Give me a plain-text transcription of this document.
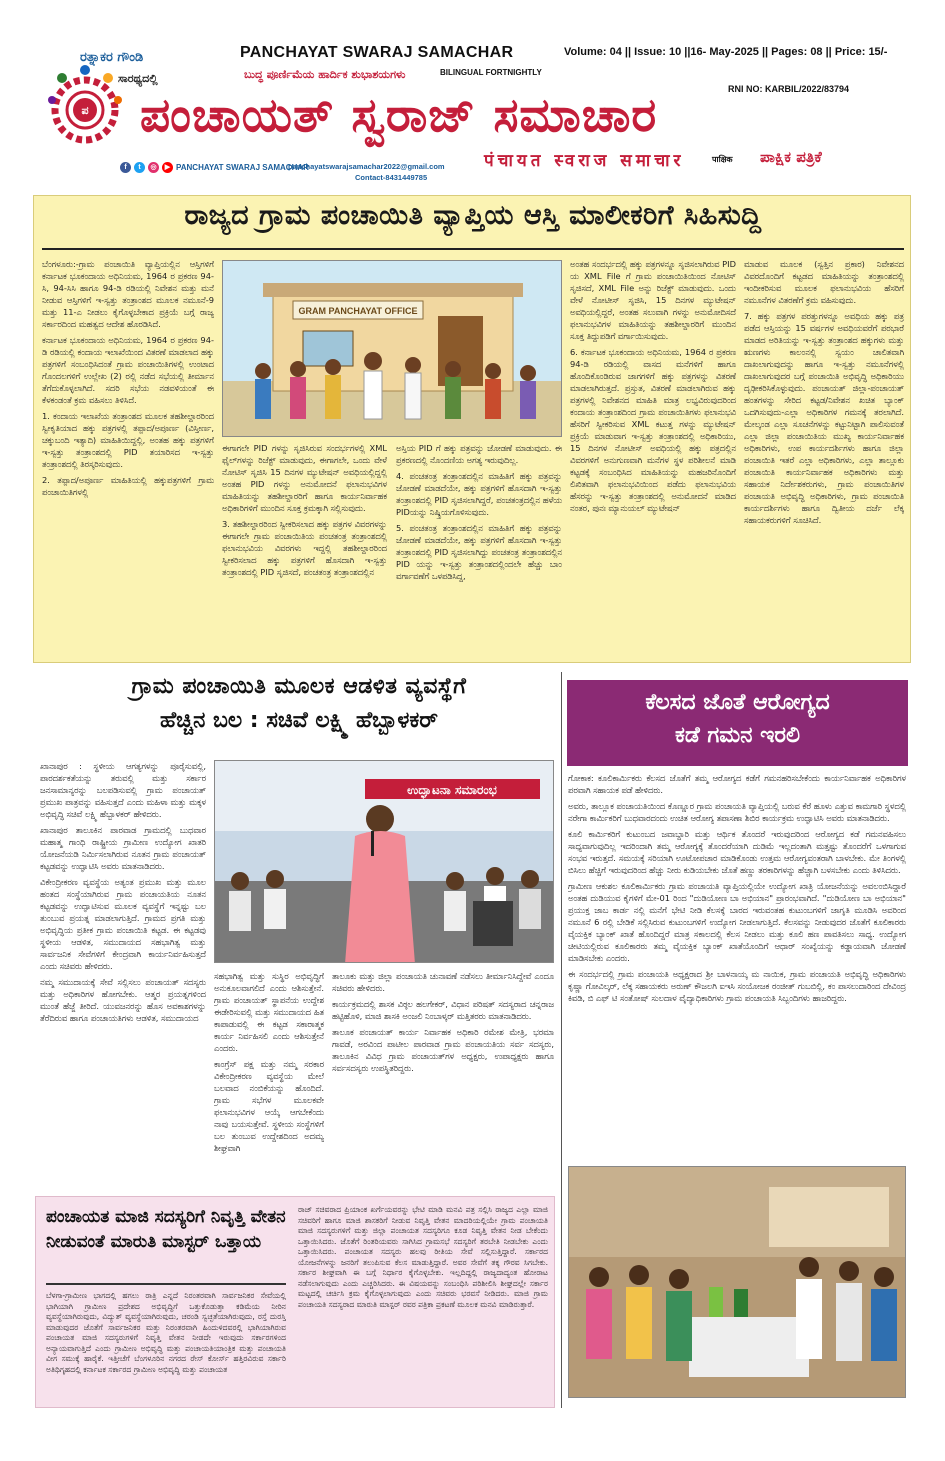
ಪ
ರತ್ನಾಕರ ಗೌಂಡಿ
ಸಾರಥ್ಯದಲ್ಲಿ
PANCHAYAT SWARAJ SAMACHAR	Volume: 04 || Issue: 10 ||16- May-2025 || Pages: 08 || Price: 15/-
ಬುದ್ಧ ಪೂರ್ಣಿಮೆಯ ಹಾರ್ದಿಕ ಶುಭಾಶಯಗಳು	BILINGUAL FORTNIGHTLY
RNI NO: KARBIL/2022/83794
ಪಂಚಾಯತ್ ಸ್ವರಾಜ್ ಸಮಾಚಾರ
पंचायत स्वराज समाचार	पाक्षिक ಪಾಕ್ಷಿಕ ಪತ್ರಿಕೆ
f	t	◎	▶ PANCHAYAT SWARAJ SAMACHAR
panchayatswarajsamachar2022@gmail.com
Contact-8431449785
ರಾಜ್ಯದ ಗ್ರಾಮ ಪಂಚಾಯಿತಿ ವ್ಯಾಪ್ತಿಯ ಆಸ್ತಿ ಮಾಲೀಕರಿಗೆ ಸಿಹಿಸುದ್ದಿ

ಬೆಂಗಳೂರು:-ಗ್ರಾಮ ಪಂಚಾಯಿತಿ ವ್ಯಾಪ್ತಿಯಲ್ಲಿನ ಆಸ್ತಿಗಳಿಗೆ ಕರ್ನಾಟಕ ಭೂಕಂದಾಯ ಅಧಿನಿಯಮ, 1964 ರ ಪ್ರಕರಣ 94-ಸಿ, 94-ಸಿಸಿ ಹಾಗೂ 94-ಡಿ ರಡಿಯಲ್ಲಿ ನಿವೇಶನ ಮತ್ತು ಮನೆ ನೀಡುವ ಆಸ್ತಿಗಳಿಗೆ ಇ-ಸ್ವತ್ತು ತಂತ್ರಾಂಶದ ಮೂಲಕ ನಮೂನೆ-9 ಮತ್ತು 11-ಎ ನೀಡಲು ಕೈಗೊಳ್ಳಬೇಕಾದ ಪ್ರಕ್ರಿಯೆ ಬಗ್ಗೆ ರಾಜ್ಯ ಸರ್ಕಾರದಿಂದ ಮಹತ್ವದ ಆದೇಶ ಹೊರಡಿಸಿದೆ.

ಕರ್ನಾಟಕ ಭೂಕಂದಾಯ ಅಧಿನಿಯಮ, 1964 ರ ಪ್ರಕರಣ 94-ಡಿ ರಡಿಯಲ್ಲಿ ಕಂದಾಯ ಇಲಾಖೆಯಿಂದ ವಿತರಣೆ ಮಾಡಲಾದ ಹಕ್ಕು ಪತ್ರಗಳಿಗೆ ಸಂಬಂಧಿಸಿದಂತೆ ಗ್ರಾಮ ಪಂಚಾಯಿತಿಗಳಲ್ಲಿ ಉಂಟಾದ ಗೊಂದಲಗಳಿಗೆ ಉಲ್ಲೇಖ (2) ರಲ್ಲಿ ನಡೆದ ಸಭೆಯಲ್ಲಿ ತೀರ್ಮಾನ ತೆಗೆದುಕೊಳ್ಳಲಾಗಿದೆ. ಸದರಿ ಸಭೆಯ ನಡವಳಿಯಂತೆ ಈ ಕೆಳಕಂಡಂತೆ ಕ್ರಮ ವಹಿಸಲು ತಿಳಿಸಿದೆ.

1. ಕಂದಾಯ ಇಲಾಖೆಯ ತಂತ್ರಾಂಶದ ಮೂಲಕ ತಹಶೀಲ್ದಾರರಿಂದ ಸ್ವೀಕೃತಿಯಾದ ಹಕ್ಕು ಪತ್ರಗಳಲ್ಲಿ ತಪ್ಪಾದ/ಅಪೂರ್ಣ (ವಿಸ್ತೀರ್ಣ, ಚಕ್ಕುಬಂದಿ ಇತ್ಯಾದಿ) ಮಾಹಿತಿಯಿದ್ದಲ್ಲಿ, ಅಂತಹ ಹಕ್ಕು ಪತ್ರಗಳಿಗೆ ಇ-ಸ್ವತ್ತು ತಂತ್ರಾಂಶದಲ್ಲಿ PID ತಯಾರಿಸದ ಇ-ಸ್ವತ್ತು ತಂತ್ರಾಂಶದಲ್ಲಿ ತಿರಸ್ಕರಿಸುವುದು.

2. ತಪ್ಪಾದ/ಅಪೂರ್ಣ ಮಾಹಿತಿಯಲ್ಲಿ ಹಕ್ಕುಪತ್ರಗಳಿಗೆ ಗ್ರಾಮ ಪಂಚಾಯಿತಿಗಳಲ್ಲಿ

GRAM PANCHAYAT OFFICE

ಈಗಾಗಲೇ PID ಗಳನ್ನು ಸೃಜಿಸಿರುವ ಸಂದರ್ಭಗಳಲ್ಲಿ XML ಫೈಲ್‌ಗಳನ್ನು ರಿಜೆಕ್ಟ್ ಮಾಡುವುದು, ಈಗಾಗಲೇ, ಒಂದು ವೇಳೆ ನೋಟಿಸ್ ಸೃಜಿಸಿ 15 ದಿನಗಳ ಮ್ಯುಟೇಷನ್ ಅವಧಿಯಲ್ಲಿದ್ದಲ್ಲಿ ಅಂತಹ PID ಗಳನ್ನು ಅನುಮೋದನೆ ಫಲಾನುಭವಿಗಳ ಮಾಹಿತಿಯನ್ನು ತಹಶೀಲ್ದಾರರಿಗೆ ಹಾಗೂ ಕಾರ್ಯನಿರ್ವಾಹಕ ಅಧಿಕಾರಿಗಳಿಗೆ ಮುಂದಿನ ಸೂಕ್ತ ಕ್ರಮಕ್ಕಾಗಿ ಸಲ್ಲಿಸುವುದು.

3. ತಹಶೀಲ್ದಾರರಿಂದ ಸ್ವೀಕರಿಸಲಾದ ಹಕ್ಕು ಪತ್ರಗಳ ವಿವರಗಳನ್ನು ಈಗಾಗಲೇ ಗ್ರಾಮ ಪಂಚಾಯಿತಿಯ ಪಂಚತಂತ್ರ ತಂತ್ರಾಂಶದಲ್ಲಿ ಫಲಾನುಭವಿಯ ವಿವರಗಳು ಇದ್ದಲ್ಲಿ ತಹಶೀಲ್ದಾರರಿಂದ ಸ್ವೀಕರಿಸಲಾದ ಹಕ್ಕು ಪತ್ರಗಳಿಗೆ ಹೊಸದಾಗಿ ಇ-ಸ್ವತ್ತು ತಂತ್ರಾಂಶದಲ್ಲಿ PID ಸೃಜಿಸದೆ, ಪಂಚತಂತ್ರ ತಂತ್ರಾಂಶದಲ್ಲಿನ

ಅಸ್ತಿಯ PID ಗೆ ಹಕ್ಕು ಪತ್ರವನ್ನು ಜೋಡಣೆ ಮಾಡುವುದು. ಈ ಪ್ರಕರಣದಲ್ಲಿ ನೊಂದಣಿಯ ಅಗತ್ಯ ಇರುವುದಿಲ್ಲ.

4. ಪಂಚತಂತ್ರ ತಂತ್ರಾಂಶದಲ್ಲಿನ ಮಾಹಿತಿಗೆ ಹಕ್ಕು ಪತ್ರವನ್ನು ಜೋಡಣೆ ಮಾಡದೆಯೇ, ಹಕ್ಕು ಪತ್ರಗಳಿಗೆ ಹೊಸದಾಗಿ ಇ-ಸ್ವತ್ತು ತಂತ್ರಾಂಶದಲ್ಲಿ PID ಸೃಜಿಸಲಾಗಿದ್ದರೆ, ಪಂಚತಂತ್ರದಲ್ಲಿನ ಹಳೆಯ PIDಯನ್ನು ನಿಷ್ಕ್ರಿಯಗೊಳಿಸುವುದು.

5. ಪಂಚತಂತ್ರ ತಂತ್ರಾಂಶದಲ್ಲಿನ ಮಾಹಿತಿಗೆ ಹಕ್ಕು ಪತ್ರವನ್ನು ಜೋಡಣೆ ಮಾಡದೆಯೇ, ಹಕ್ಕು ಪತ್ರಗಳಿಗೆ ಹೊಸದಾಗಿ ಇ-ಸ್ವತ್ತು ತಂತ್ರಾಂಶದಲ್ಲಿ PID ಸೃಜಿಸಲಾಗಿದ್ದು ಪಂಚತಂತ್ರ ತಂತ್ರಾಂಶದಲ್ಲಿನ PID ಯನ್ನು ಇ-ಸ್ವತ್ತು ತಂತ್ರಾಂಶದಲ್ಲಿಂದಲೇ ಹೆಚ್ಚು ಬಾಂ ವರ್ಗಾವಣೆಗೆ ಒಳಪಡಿಸಿದ್ದ,

ಅಂತಹ ಸಂದರ್ಭದಲ್ಲಿ ಹಕ್ಕು ಪತ್ರಗಳನ್ನೂ ಸೃಜಿಸಲಾಗಿರುವ PID ಯ XML File ಗೆ ಗ್ರಾಮ ಪಂಚಾಯಿತಿಯಿಂದ ನೋಟಿಸ್ ಸೃಜಿಸದೆ, XML File ಅನ್ನು ರಿಜೆಕ್ಟ್ ಮಾಡುವುದು. ಒಂದು ವೇಳೆ ನೋಟೀಸ್ ಸೃಜಿಸಿ, 15 ದಿನಗಳ ಮ್ಯುಟೇಷನ್ ಅವಧಿಯಲ್ಲಿದ್ದರೆ, ಅಂತಹ ಸಲುವಾಗಿ ಗಳನ್ನು ಅನುಮೋದಿಸದೆ ಫಲಾನುಭವಿಗಳ ಮಾಹಿತಿಯನ್ನು ತಹಶೀಲ್ದಾರರಿಗೆ ಮುಂದಿನ ಸೂಕ್ತ ತಿದ್ದುಪಡಿಗೆ ವರ್ಗಾಯಿಸುವುದು.

6. ಕರ್ನಾಟಕ ಭೂಕಂದಾಯ ಅಧಿನಿಯಮ, 1964 ರ ಪ್ರಕರಣ 94-ಡಿ ರಡಿಯಲ್ಲಿ ವಾಸದ ಮನೆಗಳಿಗೆ ಹಾಗೂ ಹೊಂದಿಕೊಂಡಿರುವ ಜಾಗಗಳಿಗೆ ಹಕ್ಕು ಪತ್ರಗಳನ್ನು ವಿತರಣೆ ಮಾಡಲಾಗಿರುತ್ತದೆ. ಪ್ರಸ್ತುತ, ವಿತರಣೆ ಮಾಡಲಾಗಿರುವ ಹಕ್ಕು ಪತ್ರಗಳಲ್ಲಿ ನಿವೇಶನದ ಮಾಹಿತಿ ಮಾತ್ರ ಲಭ್ಯವಿರುವುದರಿಂದ ಕಂದಾಯ ತಂತ್ರಾಂಶದಿಂದ ಗ್ರಾಮ ಪಂಚಾಯಿತಿಗಳು ಫಲಾನುಭವಿ ಹೆಸರಿಗೆ ಸ್ವೀಕರಿಸುವ XML ಕಟುತ್ತ ಗಳನ್ನು ಮ್ಯುಟೇಷನ್ ಪ್ರಕ್ರಿಯೆ ಮಾಡುವಾಗ ಇ-ಸ್ವತ್ತು ತಂತ್ರಾಂಶದಲ್ಲಿ ಅಧಿಕಾರಿಯು, 15 ದಿನಗಳ ನೋಟೀಸ್ ಅವಧಿಯಲ್ಲಿ ಹಕ್ಕು ಪತ್ರದಲ್ಲಿನ ವಿವರಗಳಿಗೆ ಅನುಗುಣವಾಗಿ ಮನೆಗಳ ಸ್ಥಳ ಪರಿಶೀಲನೆ ಮಾಡಿ ಕಟ್ಟಡಕ್ಕೆ ಸಂಬಂಧಿಸಿದ ಮಾಹಿತಿಯನ್ನು ಮಹಜರಿನೊಂದಿಗೆ ಲಿಖಿತವಾಗಿ ಫಲಾನುಭವಿಯಿಂದ ಪಡೆದು ಫಲಾನುಭವಿಯ ಹೆಸರನ್ನು ಇ-ಸ್ವತ್ತು ತಂತ್ರಾಂಶದಲ್ಲಿ ಅನುಮೋದನೆ ಮಾಡಿದ ನಂತರ, ಪುನಃ ಮ್ಯಾನುಯಲ್ ಮ್ಯುಟೇಷನ್

ಮಾಡುವ ಮೂಲಕ (ಸ್ವತ್ತಿನ ಪ್ರಕಾರ) ನಿವೇಶನದ ವಿವರದೊಂದಿಗೆ ಕಟ್ಟಡದ ಮಾಹಿತಿಯನ್ನು ತಂತ್ರಾಂಶದಲ್ಲಿ ಇಂದೀಕರಿಸುವ ಮೂಲಕ ಫಲಾನುಭವಿಯ ಹೆಸರಿಗೆ ನಮೂನೆಗಳ ವಿತರಣೆಗೆ ಕ್ರಮ ವಹಿಸುವುದು.

7. ಹಕ್ಕು ಪತ್ರಗಳ ಪರತ್ತುಗಳನ್ನೂ ಅವಧಿಯ ಹಕ್ಕು ಪತ್ರ ಪಡೆದ ಆಸ್ತಿಯನ್ನು 15 ವರ್ಷಗಳ ಅವಧಿಯವರೆಗೆ ಪರಭಾರೆ ಮಾಡದ ಅರಿತಿಯನ್ನು ಇ-ಸ್ವತ್ತು ತಂತ್ರಾಂಶದ ಹಕ್ಕುಗಳು ಮತ್ತು ಋಣಗಳು ಕಾಲಂನಲ್ಲಿ ಸ್ವಯಂ ಚಾಲಿತವಾಗಿ ದಾಖಲಾಗುವುದನ್ನು ಹಾಗೂ ಇ-ಸ್ವತ್ತು ನಮೂನೆಗಳಲ್ಲಿ ದಾಖಲಾಗುವುದರ ಬಗ್ಗೆ ಪಂಚಾಯಿತಿ ಅಭಿವೃದ್ಧಿ ಅಧಿಕಾರಿಯು ದೃಢೀಕರಿಸಿಕೊಳ್ಳುವುದು. ಪಂಚಾಯತ್ ಜಿಲ್ಲಾ-ಪಂಚಾಯತ್ ಹಂತಗಳನ್ನು ಸೇರಿದ ಕಟ್ಟಡ/ನಿವೇಶನ ಖಚಿತ ಬ್ಯಾಂಕ್ ಒದಗಿಸುವುದು-ಎಲ್ಲಾ ಅಧಿಕಾರಿಗಳ ಗಮನಕ್ಕೆ ತರಲಾಗಿದೆ. ಮೇಲ್ಕಂಡ ಎಲ್ಲಾ ಸೂಚನೆಗಳನ್ನು ಕಟ್ಟುನಿಟ್ಟಾಗಿ ಪಾಲಿಸುವಂತೆ ಎಲ್ಲಾ ಜಿಲ್ಲಾ ಪಂಚಾಯಿತಿಯ ಮುಖ್ಯ ಕಾರ್ಯನಿರ್ವಾಹಕ ಅಧಿಕಾರಿಗಳು, ಉಪ ಕಾರ್ಯದರ್ಶಿಗಳು ಹಾಗೂ ಜಿಲ್ಲಾ ಪಂಚಾಯಿತಿ ಇತರೆ ಎಲ್ಲಾ ಅಧಿಕಾರಿಗಳು, ಎಲ್ಲಾ ತಾಲ್ಲೂಕು ಪಂಚಾಯಿತಿ ಕಾರ್ಯನಿರ್ವಾಹಕ ಅಧಿಕಾರಿಗಳು ಮತ್ತು ಸಹಾಯಕ ನಿರ್ದೇಶಕರುಗಳು, ಗ್ರಾಮ ಪಂಚಾಯಿತಿಗಳ ಪಂಚಾಯತಿ ಅಭಿವೃದ್ಧಿ ಅಧಿಕಾರಿಗಳು, ಗ್ರಾಮ ಪಂಚಾಯಿತಿ ಕಾರ್ಯದರ್ಶಿಗಳು ಹಾಗೂ ದ್ವಿತೀಯ ದರ್ಜೆ ಲೆಕ್ಕ ಸಹಾಯಕರುಗಳಿಗೆ ಸೂಚಿಸಿದೆ.

ಗ್ರಾಮ ಪಂಚಾಯಿತಿ ಮೂಲಕ ಆಡಳಿತ ವ್ಯವಸ್ಥೆಗೆ
ಹೆಚ್ಚಿನ ಬಲ : ಸಚಿವೆ ಲಕ್ಷ್ಮಿ ಹೆಬ್ಬಾಳಕರ್

ಖಾನಾಪುರ : ಸ್ಥಳೀಯ ಆಗತ್ಯಗಳನ್ನು ಪೂರೈಸುವಲ್ಲಿ, ಪಾರದರ್ಶಕತೆಯನ್ನು ತರುವಲ್ಲಿ ಮತ್ತು ಸರ್ಕಾರ ಜನಸಾಮಾನ್ಯರನ್ನು ಬಲಪಡಿಸುವಲ್ಲಿ ಗ್ರಾಮ ಪಂಚಾಯತ್ ಪ್ರಮುಖ ಪಾತ್ರವನ್ನು ವಹಿಸುತ್ತದೆ ಎಂದು ಮಹಿಳಾ ಮತ್ತು ಮಕ್ಕಳ ಅಭಿವೃದ್ಧಿ ಸಚಿವೆ ಲಕ್ಷ್ಮಿ ಹೆಬ್ಬಾಳಕರ್ ಹೇಳಿದರು.

ಖಾನಾಪುರ ತಾಲೂಕಿನ ಪಾರವಾಡ ಗ್ರಾಮದಲ್ಲಿ ಬುಧವಾರ ಮಹಾತ್ಮ ಗಾಂಧಿ ರಾಷ್ಟ್ರೀಯ ಗ್ರಾಮೀಣ ಉದ್ಯೋಗ ಖಾತರಿ ಯೋಜನೆಯಡಿ ನಿರ್ಮಿಸಲಾಗಿರುವ ನೂತನ ಗ್ರಾಮ ಪಂಚಾಯತ್ ಕಟ್ಟಡವನ್ನು ಉದ್ಘಾಟಿಸಿ ಅವರು ಮಾತನಾಡಿದರು.

ವಿಕೇಂದ್ರೀಕರಣ ವ್ಯವಸ್ಥೆಯ ಅತ್ಯಂತ ಪ್ರಮುಖ ಮತ್ತು ಮೂಲ ಹಂತದ ಸಂಸ್ಥೆಯಾಗಿರುವ ಗ್ರಾಮ ಪಂಚಾಯತಿಯ ನೂತನ ಕಟ್ಟಡವನ್ನು ಉದ್ಘಾಟಿಸುವ ಮೂಲಕ ವ್ಯವಸ್ಥೆಗೆ ಇನ್ನಷ್ಟು ಬಲ ತುಂಬುವ ಪ್ರಯತ್ನ ಮಾಡಲಾಗುತ್ತಿದೆ. ಗ್ರಾಮದ ಪ್ರಗತಿ ಮತ್ತು ಅಭಿವೃದ್ಧಿಯ ಪ್ರತೀಕ ಗ್ರಾಮ ಪಂಚಾಯಿತಿ ಕಟ್ಟಡ. ಈ ಕಟ್ಟಡವು ಸ್ಥಳೀಯ ಆಡಳಿತ, ಸಮುದಾಯದ ಸಹಭಾಗಿತ್ವ ಮತ್ತು ಸಾರ್ವಜನಿಕ ಸೇವೆಗಳಿಗೆ ಕೇಂದ್ರವಾಗಿ ಕಾರ್ಯನಿರ್ವಹಿಸುತ್ತದೆ ಎಂದು ಸಚಿವರು ಹೇಳಿದರು.

ನಮ್ಮ ಸಮುದಾಯಕ್ಕೆ ಸೇವೆ ಸಲ್ಲಿಸಲು ಪಂಚಾಯತ್ ಸದಸ್ಯರು ಮತ್ತು ಅಧಿಕಾರಿಗಳ ಹೋಗಬೇಕು. ಆತ್ಮರ ಪ್ರಯತ್ನಗಳಿಂದ ಮುಂತೆ ಹೆಜ್ಜೆ ತೀರಿದೆ. ಯುವಜನರನ್ನು ಹೊಸ ಅವಕಾಶಗಳನ್ನು ತೆರೆದಿರುವ ಹಾಗೂ ಪಂಚಾಯತಿಗಳು ಆಡಳಿತ, ಸಮುದಾಯದ

ಉದ್ಘಾಟನಾ ಸಮಾರಂಭ

ಸಹಭಾಗಿತ್ವ ಮತ್ತು ಸುಸ್ಥಿರ ಅಭಿವೃದ್ಧಿಗೆ ಅನುಕೂಲವಾಗಲಿದೆ ಎಂದು ಆಶಿಸುತ್ತೇನೆ. ಗ್ರಾಮ ಪಂಚಾಯತ್ ಸ್ಥಾಪನೆಯ ಉದ್ದೇಶ ಈಡೇರಿಸುವಲ್ಲಿ ಮತ್ತು ಸಮುದಾಯದ ಹಿತ ಕಾಪಾಡುವಲ್ಲಿ ಈ ಕಟ್ಟಡ ಸಕಾರಾತ್ಮಕ ಕಾರ್ಯ ನಿರ್ವಹಿಸಲಿ ಎಂದು ಆಶಿಸುತ್ತೇನೆ ಎಂದರು.

ಕಾಂಗ್ರೆಸ್ ಪಕ್ಷ ಮತ್ತು ನಮ್ಮ ಸರಕಾರ ವಿಕೇಂದ್ರೀಕರಣ ವ್ಯವಸ್ಥೆಯ ಮೇಲೆ ಬಲವಾದ ನಂಬಿಕೆಯನ್ನು ಹೊಂದಿದೆ. ಗ್ರಾಮ ಸಭೆಗಳ ಮೂಲಕವೇ ಫಲಾನುಭವಿಗಳ ಆಯ್ಕೆ ಆಗಬೇಕೆಂದು ನಾವು ಬಯಸುತ್ತೇವೆ. ಸ್ಥಳೀಯ ಸಂಸ್ಥೆಗಳಿಗೆ ಬಲ ತುಂಬುವ ಉದ್ದೇಶದಿಂದ ಅದಮ್ಯ ಶೀಘ್ರವಾಗಿ

ತಾಲೂಕು ಮತ್ತು ಜಿಲ್ಲಾ ಪಂಚಾಯತಿ ಚುನಾವಣೆ ನಡೆಸಲು ತೀರ್ಮಾನಿಸಿದ್ದೇವೆ ಎಂದೂ ಸಚಿವರು ಹೇಳಿದರು.

ಕಾರ್ಯಕ್ರಮದಲ್ಲಿ ಶಾಸಕ ವಿಠ್ಠಲ ಹಲಗೇಕರ್, ವಿಧಾನ ಪರಿಷತ್ ಸದಸ್ಯರಾದ ಚನ್ನರಾಜ ಹಟ್ಟಿಹೊಳಿ, ಮಾಜಿ ಶಾಸಕಿ ಅಂಜಲಿ ನಿಂಬಾಳ್ಕರ್ ಮತ್ತಿತರರು ಮಾತನಾಡಿದರು.

ತಾಲೂಕ ಪಂಚಾಯತ್ ಕಾರ್ಯ ನಿರ್ವಾಹಕ ಅಧಿಕಾರಿ ರಮೇಶ ಮೇತ್ರಿ, ಭರಮಾ ಗಾವಡೆ, ಅರವಿಂದ ಪಾಟೀಲ ಪಾರವಾಡ ಗ್ರಾಮ ಪಂಚಾಯತಿಯ ಸರ್ವ ಸದಸ್ಯರು, ತಾಲೂಕಿನ ವಿವಿಧ ಗ್ರಾಮ ಪಂಚಾಯತ್‌ಗಳ ಅಧ್ಯಕ್ಷರು, ಉಪಾಧ್ಯಕ್ಷರು ಹಾಗೂ ಸರ್ವಸದಸ್ಯರು ಉಪಸ್ಥಿತರಿದ್ದರು.

ಕೆಲಸದ ಜೊತೆ ಆರೋಗ್ಯದ
ಕಡೆ ಗಮನ ಇರಲಿ

ಗೋಕಾಕ: ಕೂಲಿಕಾರ್ಮಿಕರು ಕೆಲಸದ ಜೊತೆಗೆ ತಮ್ಮ ಆರೋಗ್ಯದ ಕಡೆಗೆ ಗಮನಹರಿಸಬೇಕೆಂದು ಕಾರ್ಯನಿರ್ವಾಹಕ ಅಧಿಕಾರಿಗಳ ಪರವಾಗಿ ಸಹಾಯಕ ಪಡೆ ಹೇಳಿದರು.

ಅವರು, ತಾಲ್ಲೂಕ ಪಂಚಾಯತಿಯಿಂದ ಕೊಣ್ಣೂರ ಗ್ರಾಮ ಪಂಚಾಯತಿ ವ್ಯಾಪ್ತಿಯಲ್ಲಿ ಬರುವ ಕೆರೆ ಹೂಳು ಎತ್ತುವ ಕಾಮಗಾರಿ ಸ್ಥಳದಲ್ಲಿ ನರೇಗಾ ಕಾರ್ಮಿಕರಿಗೆ ಬುಧವಾರದಂದು ಉಚಿತ ಆರೋಗ್ಯ ತಪಾಸಣಾ ಶಿಬಿರ ಕಾರ್ಯಕ್ರಮ ಉದ್ಘಾಟಿಸಿ ಅವರು ಮಾತನಾಡಿದರು.

ಕೂಲಿ ಕಾರ್ಮಿಕರಿಗೆ ಕುಟುಂಬದ ಜವಾಬ್ದಾರಿ ಮತ್ತು ಆರ್ಥಿಕ ತೊಂದರೆ ಇರುವುದರಿಂದ ಆರೋಗ್ಯದ ಕಡೆ ಗಮನವಹಿಸಲು ಸಾಧ್ಯವಾಗುವುದಿಲ್ಲ ಇದರಿಂದಾಗಿ ತಮ್ಮ ಆರೋಗ್ಯಕ್ಕೆ ತೊಂದರೆಯಾಗಿ ದುಡಿಮೆ ಇಲ್ಲದಂತಾಗಿ ಮತ್ತಷ್ಟು ತೊಂದರೆಗೆ ಒಳಗಾಗುವ ಸಂಭವ ಇರುತ್ತದೆ. ಸಮಯಕ್ಕೆ ಸರಿಯಾಗಿ ಊಟೋಪಚಾರ ಮಾಡಿಕೊಂಡು ಉತ್ತಮ ಆರೋಗ್ಯವಂತರಾಗಿ ಬಾಳಬೇಕು. ಮೇ ತಿಂಗಳಲ್ಲಿ ಬಿಸಿಲು ಹೆಚ್ಚಿಗೆ ಇರುವುದರಿಂದ ಹೆಚ್ಚು ನೀರು ಕುಡಿಯಬೇಕು ಜೊತೆ ಹಣ್ಣು ತರಕಾರಿಗಳನ್ನು ಹೆಚ್ಚಾಗಿ ಬಳಸಬೇಕು ಎಂದು ತಿಳಿಸಿದರು.

ಗ್ರಾಮೀಣ ಆಕುಶಲ ಕೂಲಿಕಾರ್ಮಿಕರು ಗ್ರಾಮ ಪಂಚಾಯತಿ ವ್ಯಾಪ್ತಿಯಲ್ಲಿಯೇ ಉದ್ಯೋಗ ಖಾತ್ರಿ ಯೋಜನೆಯನ್ನು ಅವಲಂಬಿಸಿದ್ದಾರೆ ಅಂತಹ ದುಡಿಯುವ ಕೈಗಳಿಗೆ ಮೇ-01 ರಿಂದ "ದುಡಿಯೋಣ ಬಾ ಅಭಿಯಾನ" ಪ್ರಾರಂಭವಾಗಿದೆ. "ದುಡಿಯೋಣ ಬಾ ಅಭಿಯಾನ" ಪ್ರಯುಕ್ತ ಜಾಬ ಕಾರ್ಡ ನಲ್ಲಿ ಮನೆಗೆ ಭೇಟಿ ನೀಡಿ ಕೆಲಸಕ್ಕೆ ಬಾರದ ಇರುವಂತಹ ಕುಟುಂಬಗಳಿಗೆ ಜಾಗೃತಿ ಮೂಡಿಸಿ ಅವರಿಂದ ನಮೂನೆ 6 ರಲ್ಲಿ ಬೇಡಿಕೆ ಸಲ್ಲಿಸಿರುವ ಕುಟುಂಬಗಳಿಗೆ ಉದ್ಯೋಗ ನೀಡಲಾಗುತ್ತಿದೆ. ಕೆಲಸವನ್ನು ನೀಡುವುದರ ಜೊತೆಗೆ ಕೂಲಿಕಾರರು ವೈಯಕ್ತಿಕ ಬ್ಯಾಂಕ್ ಖಾತೆ ಹೊಂದಿದ್ದರೆ ಮಾತ್ರ ಸಕಾಲದಲ್ಲಿ ಕೆಲಸ ನೀಡಲು ಮತ್ತು ಕೂಲಿ ಹಣ ಪಾವತಿಸಲು ಸಾಧ್ಯ. ಉದ್ಯೋಗ ಚೀಟಿಯಲ್ಲಿರುವ ಕೂಲಿಕಾರರು ತಮ್ಮ ವೈಯಕ್ತಿಕ ಬ್ಯಾಂಕ್ ಖಾತೆಯೊಂದಿಗೆ ಆಧಾರ್ ಸಂಖ್ಯೆಯನ್ನು ಕಡ್ಡಾಯವಾಗಿ ಜೋಡಣೆ ಮಾಡಿಸಬೇಕು ಎಂದರು.

ಈ ಸಂದರ್ಭದಲ್ಲಿ ಗ್ರಾಮ ಪಂಚಾಯತಿ ಅಧ್ಯಕ್ಷರಾದ ಶ್ರೀ ಬಾಳನಾಯ್ಕ ಮ ನಾಯಿಕ, ಗ್ರಾಮ ಪಂಚಾಯತಿ ಅಭಿವೃದ್ಧಿ ಅಧಿಕಾರಿಗಳು ಕೃಷ್ಣಾ ಗೋವಿಲ್ಕರ್, ಲೆಕ್ಕ ಸಹಾಯಕರು ಅರುಣ್ ಕೌಜಲಗಿ ಐಇಸಿ ಸಂಯೋಜಕ ರಂಜೀತ್ ಗುಬಬಿಲ್ಲಿ, ಕಂ ಪಾಸಲುದಾರಿಂದ ದೇವಿಂದ್ರ ಕಿವಡಿ, ಬಿ ಎಫ್ ಟಿ ಸಂತೋಷ್ ಸುಲದಾಳ ವೈದ್ಯಾಧಿಕಾರಿಗಳು ಗ್ರಾಮ ಪಂಚಾಯತಿ ಸಿಬ್ಬಂದಿಗಳು ಹಾಜರಿದ್ದರು.

ಪಂಚಾಯತ ಮಾಜಿ ಸದಸ್ಯರಿಗೆ ನಿವೃತ್ತಿ ವೇತನ ನೀಡುವಂತೆ ಮಾರುತಿ ಮಾಸ್ಟರ್ ಒತ್ತಾಯ

ಬೆಳಗಾ-ಗ್ರಾಮೀಣ ಭಾಗದಲ್ಲಿ ಹಗಲು ರಾತ್ರಿ ಎನ್ನದೆ ನಿರಂತರವಾಗಿ ಸಾರ್ವಜನಿಕರ ಸೇವೆಯಲ್ಲಿ ಭಾಗಿಯಾಗಿ ಗ್ರಾಮೀಣ ಪ್ರದೇಶದ ಅಭಿವೃದ್ಧಿಗೆ ಒತ್ತುಕೊಡುತ್ತಾ ಕಡಿಮೆಯ ನೀರಿನ ವ್ಯವಸ್ಥೆಯಾಗಿರುವುದು, ವಿದ್ಯುತ್ ವ್ಯವಸ್ಥೆಯಾಗಿರುವುದು, ಚರಂಡಿ ಸ್ವಚ್ಛತೆಯಾಗಿರುವುದು, ರಸ್ತೆ ದುರಸ್ತಿ ಮಾಡುವುದರ ಜೊತೆಗೆ ಸಾರ್ವಜನಿಕರ ಮತ್ತು ನಿರಂತರವಾಗಿ ಹಿಂದುಳಿದವರಲ್ಲಿ ಭಾಗಿಯಾಗಿರುವ ಪಂಚಾಯತ ಮಾಜಿ ಸದಸ್ಯರುಗಳಿಗೆ ನಿವೃತ್ತಿ ವೇತನ ನೀಡದೇ ಇರುವುದು ಸರ್ಕಾರಗಳಿಂದ ಅನ್ಯಾಯವಾಗುತ್ತಿದೆ ಎಂದು ಗ್ರಾಮೀಣ ಅಭಿವೃದ್ಧಿ ಮತ್ತು ಪಂಚಾಯತಿಯಾಂತ್ರಿಕ ಮತ್ತು ಪಂಚಾಯತಿ ವೀಗ ಸಮುಕ್ಕೆ ಹಾರೈಕೆ. ಇತ್ತೀಚೆಗೆ ಬೆಂಗಳೂರಿನ ನಗರದ ರೇಸ್ ಕೋರ್ಸ್ ಹತ್ತಿರವಿರುವ ಸರ್ಕಾರಿ ಅತಿಥಿಗೃಹದಲ್ಲಿ ಕರ್ನಾಟಕ ಸರ್ಕಾರದ ಗ್ರಾಮೀಣ ಅಭಿವೃದ್ಧಿ ಮತ್ತು ಪಂಚಾಯತ

ರಾಜ್ ಸಚಿವರಾದ ಪ್ರಿಯಾಂಕ ಖರ್ಗೆಯವರನ್ನು ಭೇಟಿ ಮಾಡಿ ಮನವಿ ಪತ್ರ ಸಲ್ಲಿಸಿ ರಾಜ್ಯದ ಎಲ್ಲಾ ಮಾಜಿ ಸಚಿವರಿಗೆ ಹಾಗೂ ಮಾಜಿ ಶಾಸಕರಿಗೆ ನೀಡುವ ನಿವೃತ್ತಿ ವೇತನ ಮಾದರಿಯಲ್ಲಿಯೇ ಗ್ರಾಮ ಪಂಚಾಯತಿ ಮಾಜಿ ಸದಸ್ಯರುಗಳಿಗೆ ಮತ್ತು ಜಿಲ್ಲಾ ಪಂಚಾಯತ ಸದಸ್ಯರಿಗೂ ಕೂಡ ನಿವೃತ್ತಿ ವೇತನ ನೀಡ ಬೇಕೆಂದು ಒತ್ತಾಯಿಸಿದರು. ಜೊತೆಗೆ ರಿಂತರಿಯವರು ಸಾಗಿಸಿದ ಗ್ರಾಮಸಭೆ ಸದಸ್ಯರಿಗೆ ತರಬೇತಿ ನೀಡಬೇಕು ಎಂದು ಒತ್ತಾಯಿಸಿದರು. ಪಂಚಾಯತ ಸದಸ್ಯರು ಹಲವು ರೀತಿಯ ಸೇವೆ ಸಲ್ಲಿಸುತ್ತಿದ್ದಾರೆ. ಸರ್ಕಾರದ ಯೋಜನೆಗಳನ್ನು ಜನರಿಗೆ ತಲುಪಿಸುವ ಕೆಲಸ ಮಾಡುತ್ತಿದ್ದಾರೆ. ಅವರ ಸೇವೆಗೆ ತಕ್ಕ ಗೌರವ ಸಿಗಬೇಕು. ಸರ್ಕಾರ ಶೀಘ್ರವಾಗಿ ಈ ಬಗ್ಗೆ ನಿರ್ಧಾರ ಕೈಗೊಳ್ಳಬೇಕು. ಇಲ್ಲದಿದ್ದಲ್ಲಿ ರಾಜ್ಯದಾದ್ಯಂತ ಹೋರಾಟ ನಡೆಸಲಾಗುವುದು ಎಂದು ಎಚ್ಚರಿಸಿದರು. ಈ ವಿಷಯವನ್ನು ಸಂಬಂಧಿಸಿ ಪರಿಶೀಲಿಸಿ ಶೀಘ್ರದಲ್ಲೇ ಸರ್ಕಾರ ಮಟ್ಟದಲ್ಲಿ ಚರ್ಚಿಸಿ ಕ್ರಮ ಕೈಗೊಳ್ಳಲಾಗುವುದು ಎಂದು ಸಚಿವರು ಭರವಸೆ ನೀಡಿದರು. ಮಾಜಿ ಗ್ರಾಮ ಪಂಚಾಯತಿ ಸದಸ್ಯರಾದ ಮಾರುತಿ ಮಾಸ್ಟರ್ ರವರ ಪತ್ರಿಕಾ ಪ್ರಕಟಣೆ ಮೂಲಕ ಮನವಿ ಮಾಡಿರುತ್ತಾರೆ.
